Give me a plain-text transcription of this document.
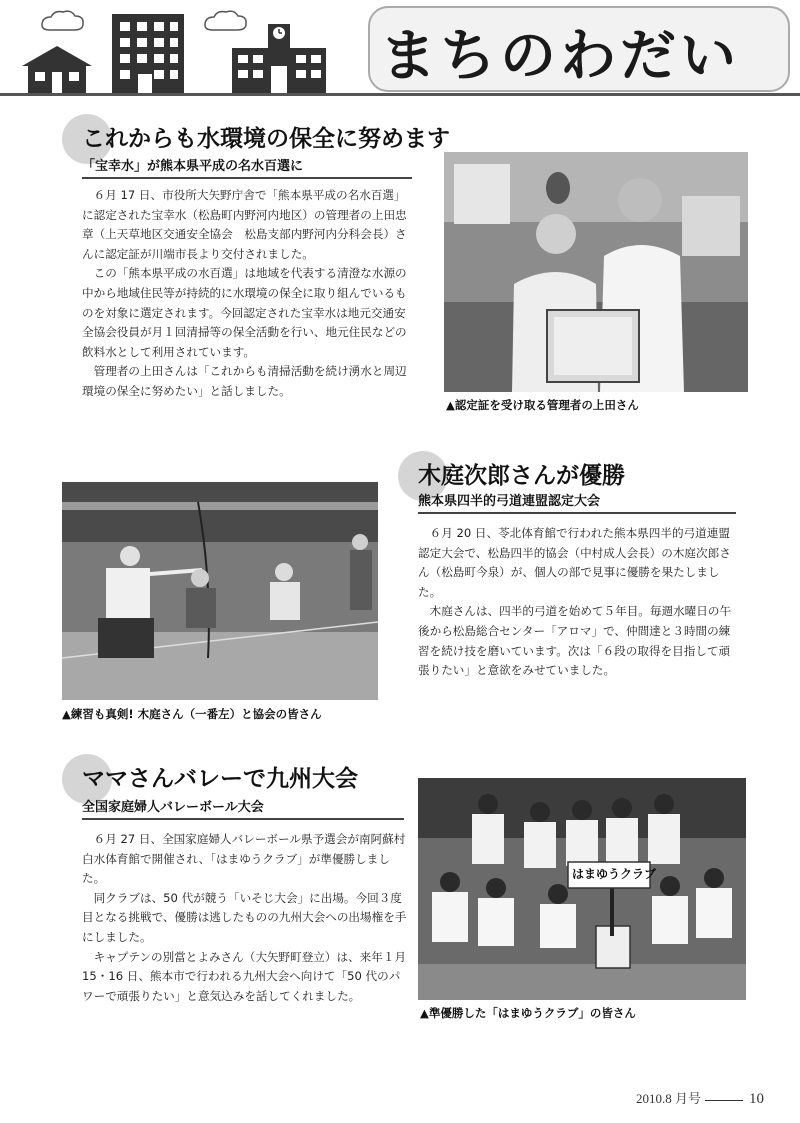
まちのわだい
これからも水環境の保全に努めます
「宝幸水」が熊本県平成の名水百選に

６月 17 日、市役所大矢野庁舎で「熊本県平成の名水百選」に認定された宝幸水（松島町内野河内地区）の管理者の上田忠章（上天草地区交通安全協会　松島支部内野河内分科会長）さんに認定証が川端市長より交付されました。

この「熊本県平成の水百選」は地域を代表する清澄な水源の中から地域住民等が持続的に水環境の保全に取り組んでいるものを対象に選定されます。今回認定された宝幸水は地元交通安全協会役員が月１回清掃等の保全活動を行い、地元住民などの飲料水として利用されています。

管理者の上田さんは「これからも清掃活動を続け湧水と周辺環境の保全に努めたい」と話しました。

▲認定証を受け取る管理者の上田さん
木庭次郎さんが優勝
熊本県四半的弓道連盟認定大会

６月 20 日、苓北体育館で行われた熊本県四半的弓道連盟認定大会で、松島四半的協会（中村成人会長）の木庭次郎さん（松島町今泉）が、個人の部で見事に優勝を果たしました。

木庭さんは、四半的弓道を始めて５年目。毎週水曜日の午後から松島総合センター「アロマ」で、仲間達と３時間の練習を続け技を磨いています。次は「６段の取得を目指して頑張りたい」と意欲をみせていました。

▲練習も真剣! 木庭さん（一番左）と協会の皆さん
ママさんバレーで九州大会
全国家庭婦人バレーボール大会

６月 27 日、全国家庭婦人バレーボール県予選会が南阿蘇村白水体育館で開催され、「はまゆうクラブ」が準優勝しました。

同クラブは、50 代が競う「いそじ大会」に出場。今回３度目となる挑戦で、優勝は逃したものの九州大会への出場権を手にしました。

キャプテンの別當とよみさん（大矢野町登立）は、来年１月 15・16 日、熊本市で行われる九州大会へ向けて「50 代のパワーで頑張りたい」と意気込みを話してくれました。

はまゆうクラブ
▲準優勝した「はまゆうクラブ」の皆さん
2010.8 月号	10
